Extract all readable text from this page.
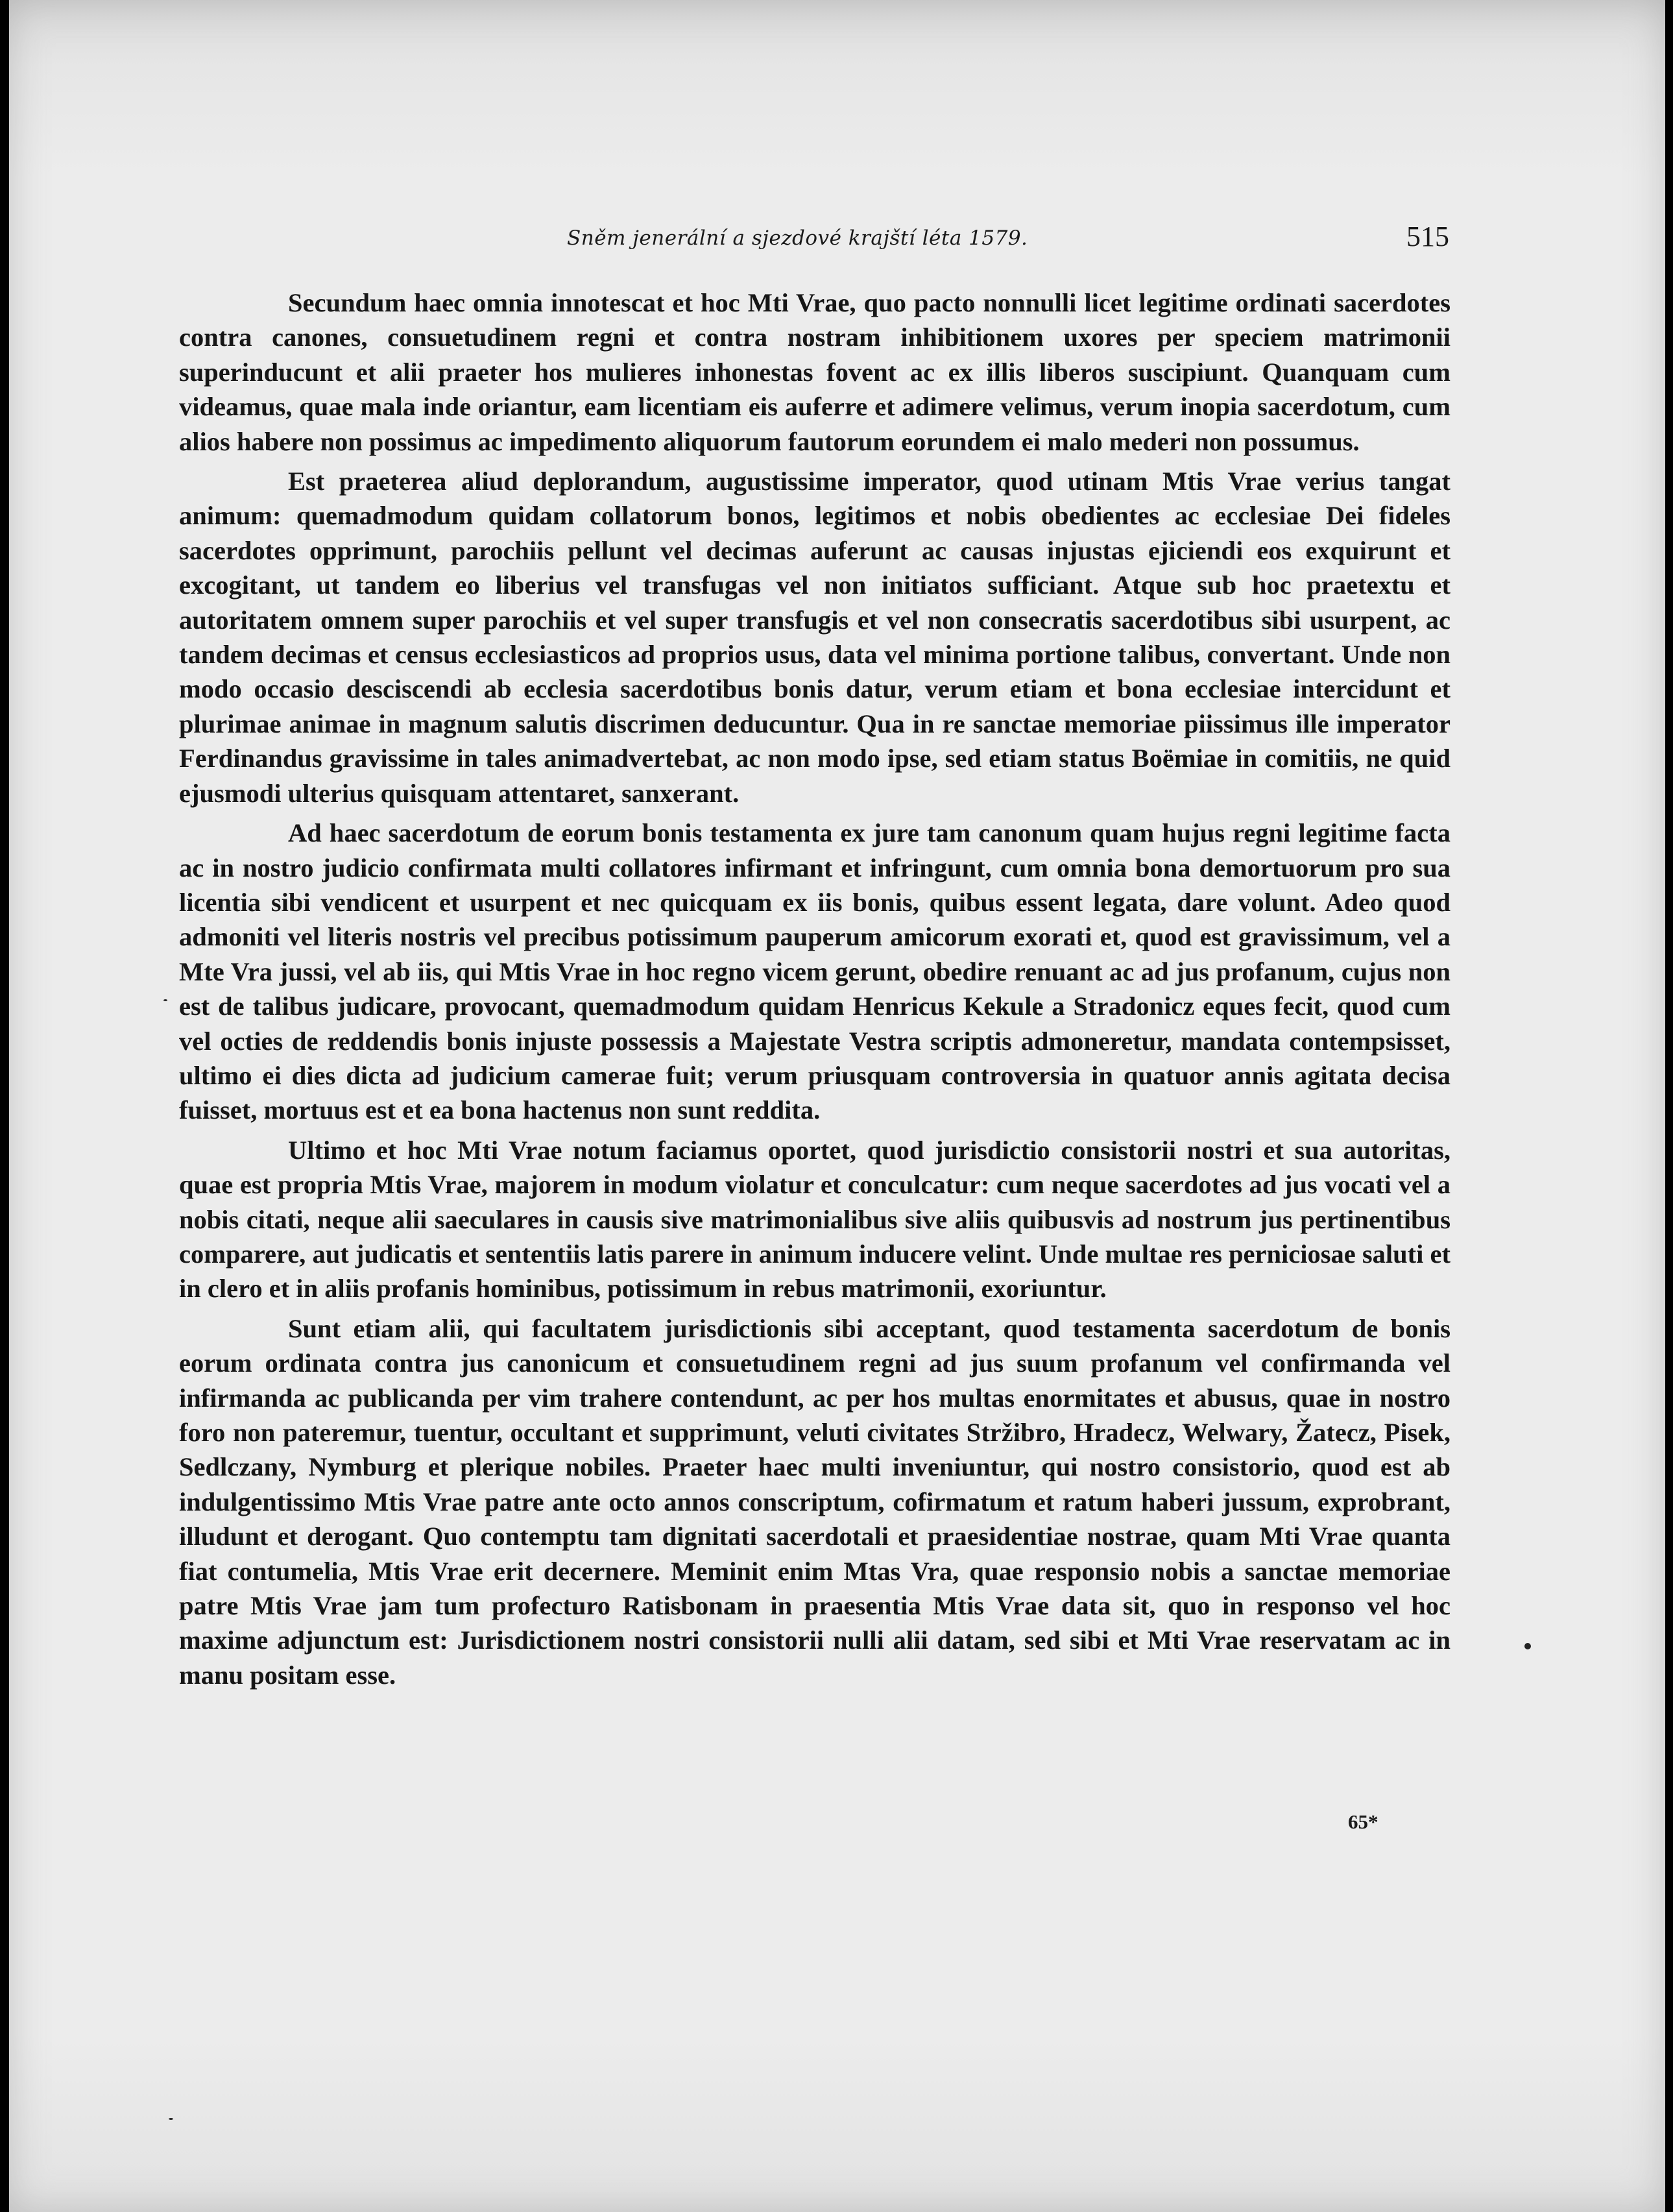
Sněm jenerální a sjezdové krajští léta 1579.	515

Secundum haec omnia innotescat et hoc Mti Vrae, quo pacto nonnulli licet legitime ordinati sacerdotes contra canones, consuetudinem regni et contra nostram inhibitionem uxores per speciem matrimonii superinducunt et alii praeter hos mulieres inhonestas fovent ac ex illis liberos suscipiunt. Quanquam cum videamus, quae mala inde oriantur, eam licentiam eis auferre et adimere velimus, verum inopia sacerdotum, cum alios habere non possimus ac impedimento aliquorum fautorum eorundem ei malo mederi non possumus.

Est praeterea aliud deplorandum, augustissime imperator, quod utinam Mtis Vrae verius tangat animum: quemadmodum quidam collatorum bonos, legitimos et nobis obedientes ac ecclesiae Dei fideles sacerdotes opprimunt, parochiis pellunt vel decimas auferunt ac causas injustas ejiciendi eos exquirunt et excogitant, ut tandem eo liberius vel transfugas vel non initiatos sufficiant. Atque sub hoc praetextu et autoritatem omnem super parochiis et vel super transfugis et vel non consecratis sacerdotibus sibi usurpent, ac tandem decimas et census ecclesiasticos ad proprios usus, data vel minima portione talibus, convertant. Unde non modo occasio desciscendi ab ecclesia sacerdotibus bonis datur, verum etiam et bona ecclesiae intercidunt et plurimae animae in magnum salutis discrimen deducuntur. Qua in re sanctae memoriae piissimus ille imperator Ferdinandus gravissime in tales animadvertebat, ac non modo ipse, sed etiam status Boëmiae in comitiis, ne quid ejusmodi ulterius quisquam attentaret, sanxerant.

Ad haec sacerdotum de eorum bonis testamenta ex jure tam canonum quam hujus regni legitime facta ac in nostro judicio confirmata multi collatores infirmant et infringunt, cum omnia bona demortuorum pro sua licentia sibi vendicent et usurpent et nec quicquam ex iis bonis, quibus essent legata, dare volunt. Adeo quod admoniti vel literis nostris vel precibus potissimum pauperum amicorum exorati et, quod est gravissimum, vel a Mte Vra jussi, vel ab iis, qui Mtis Vrae in hoc regno vicem gerunt, obedire renuant ac ad jus profanum, cujus non est de talibus judicare, provocant, quemadmodum quidam Henricus Kekule a Stradonicz eques fecit, quod cum vel octies de reddendis bonis injuste possessis a Majestate Vestra scriptis admoneretur, mandata contempsisset, ultimo ei dies dicta ad judicium camerae fuit; verum priusquam controversia in quatuor annis agitata decisa fuisset, mortuus est et ea bona hactenus non sunt reddita.

Ultimo et hoc Mti Vrae notum faciamus oportet, quod jurisdictio consistorii nostri et sua autoritas, quae est propria Mtis Vrae, majorem in modum violatur et conculcatur: cum neque sacerdotes ad jus vocati vel a nobis citati, neque alii saeculares in causis sive matrimonialibus sive aliis quibusvis ad nostrum jus pertinentibus comparere, aut judicatis et sententiis latis parere in animum inducere velint. Unde multae res perniciosae saluti et in clero et in aliis profanis hominibus, potissimum in rebus matrimonii, exoriuntur.

Sunt etiam alii, qui facultatem jurisdictionis sibi acceptant, quod testamenta sacerdotum de bonis eorum ordinata contra jus canonicum et consuetudinem regni ad jus suum profanum vel confirmanda vel infirmanda ac publicanda per vim trahere contendunt, ac per hos multas enormitates et abusus, quae in nostro foro non pateremur, tuentur, occultant et supprimunt, veluti civitates Stržibro, Hradecz, Welwary, Žatecz, Pisek, Sedlczany, Nymburg et plerique nobiles. Praeter haec multi inveniuntur, qui nostro consistorio, quod est ab indulgentissimo Mtis Vrae patre ante octo annos conscriptum, cofirmatum et ratum haberi jussum, exprobrant, illudunt et derogant. Quo contemptu tam dignitati sacerdotali et praesidentiae nostrae, quam Mti Vrae quanta fiat contumelia, Mtis Vrae erit decernere. Meminit enim Mtas Vra, quae responsio nobis a sanctae memoriae patre Mtis Vrae jam tum profecturo Ratisbonam in praesentia Mtis Vrae data sit, quo in responso vel hoc maxime adjunctum est: Jurisdictionem nostri consistorii nulli alii datam, sed sibi et Mti Vrae reservatam ac in manu positam esse.

65*
